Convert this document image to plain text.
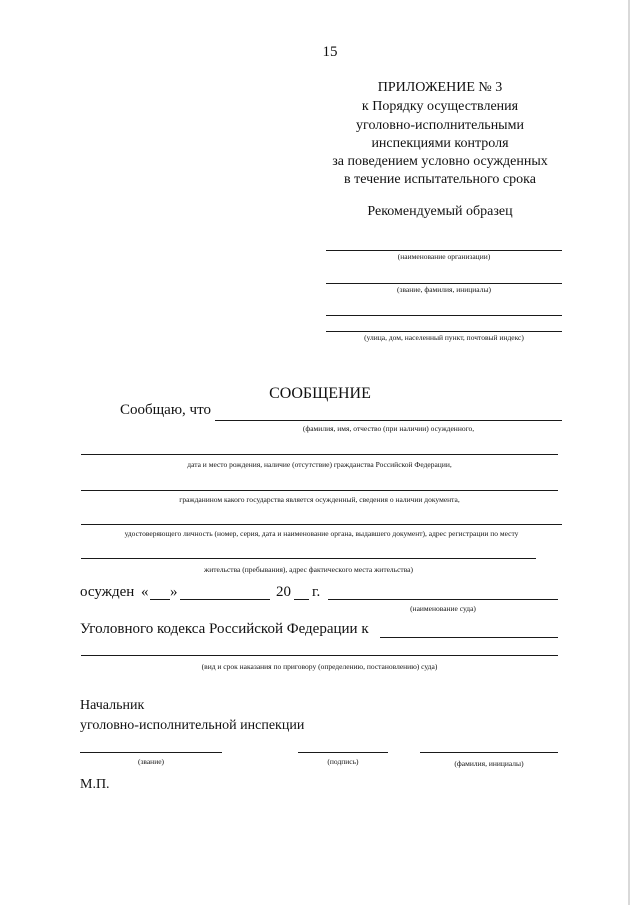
15
ПРИЛОЖЕНИЕ № 3
к Порядку осуществления
уголовно-исполнительными
инспекциями контроля
за поведением условно осужденных
в течение испытательного срока
Рекомендуемый образец
(наименование организации)
(звание, фамилия, инициалы)
(улица, дом, населенный пункт, почтовый индекс)
СООБЩЕНИЕ
Сообщаю, что
(фамилия, имя, отчество (при наличии) осужденного,
дата и место рождения, наличие (отсутствие) гражданства Российской Федерации,
гражданином какого государства является осужденный, сведения о наличии документа,
удостоверяющего личность (номер, серия, дата и наименование органа, выдавшего документ), адрес регистрации по месту
жительства (пребывания), адрес фактического места жительства)
осужден « »	20 г.
(наименование суда)
Уголовного кодекса Российской Федерации к
(вид и срок наказания по приговору (определению, постановлению) суда)
Начальник
уголовно-исполнительной инспекции
(звание)	(подпись)	(фамилия, инициалы)
М.П.
